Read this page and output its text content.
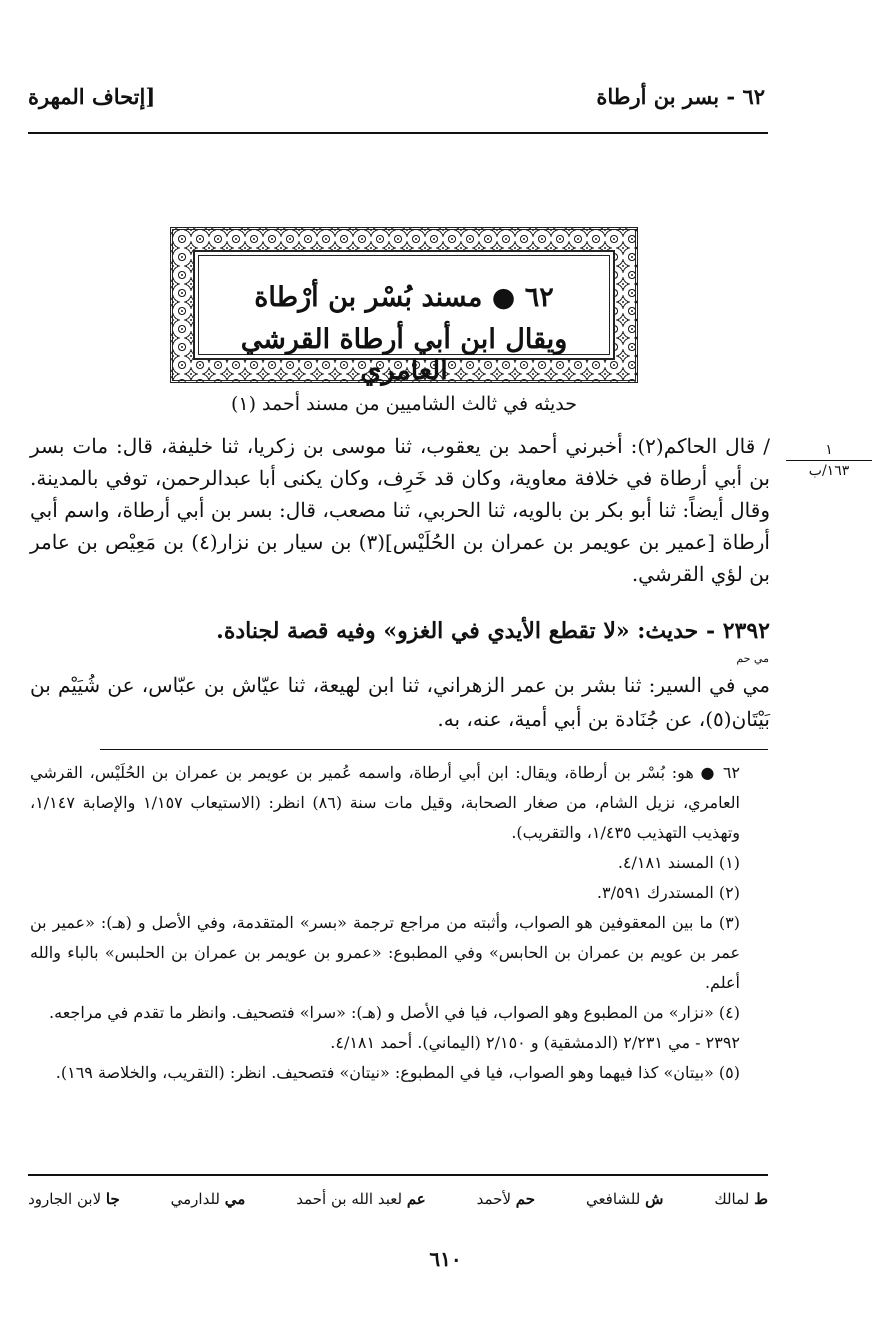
٦٢ - بسر بن أرطاة
[إتحاف المهرة
٦٢ ● مسند بُسْر بن أرْطاة
ويقال ابن أبي أرطاة القرشي العامري
حديثه في ثالث الشاميين من مسند أحمد (١)
١
١٦٣/ب
/ قال الحاكم(٢): أخبرني أحمد بن يعقوب، ثنا موسى بن زكريا، ثنا خليفة، قال: مات بسر بن أبي أرطاة في خلافة معاوية، وكان قد خَرِف، وكان يكنى أبا عبدالرحمن، توفي بالمدينة. وقال أيضاً: ثنا أبو بكر بن بالويه، ثنا الحربي، ثنا مصعب، قال: بسر بن أبي أرطاة، واسم أبي أرطاة [عمير بن عويمر بن عمران بن الحُلَيْس](٣) بن سيار بن نزار(٤) بن مَعِيْص بن عامر بن لؤي القرشي.
٢٣٩٢ - حديث: «لا تقطع الأيدي في الغزو» وفيه قصة لجنادة.
مي حم
مي في السير: ثنا بشر بن عمر الزهراني، ثنا ابن لهيعة، ثنا عيّاش بن عبّاس، عن شُيَيْم بن بَيْتَان(٥)، عن جُنَادة بن أبي أمية، عنه، به.

٦٢ ● هو: بُسْر بن أرطاة، ويقال: ابن أبي أرطاة، واسمه عُمير بن عويمر بن عمران بن الحُلَيْس، القرشي العامري، نزيل الشام، من صغار الصحابة، وقيل مات سنة (٨٦) انظر: (الاستيعاب ١/١٥٧ والإصابة ١/١٤٧، وتهذيب التهذيب ١/٤٣٥، والتقريب).

(١) المسند ٤/١٨١.

(٢) المستدرك ٣/٥٩١.

(٣) ما بين المعقوفين هو الصواب، وأثبته من مراجع ترجمة «بسر» المتقدمة، وفي الأصل و (هـ): «عمير بن عمر بن عويم بن عمران بن الحابس» وفي المطبوع: «عمرو بن عويمر بن عمران بن الحلبس» بالباء والله أعلم.

(٤) «نزار» من المطبوع وهو الصواب، فيا في الأصل و (هـ): «سرا» فتصحيف. وانظر ما تقدم في مراجعه.

٢٣٩٢ - مي ٢/٢٣١ (الدمشقية) و ٢/١٥٠ (اليماني). أحمد ٤/١٨١.

(٥) «بيتان» كذا فيهما وهو الصواب، فيا في المطبوع: «نيتان» فتصحيف. انظر: (التقريب، والخلاصة ١٦٩).

ط لمالك
ش للشافعي
حم لأحمد
عم لعبد الله بن أحمد
مي للدارمي
جا لابن الجارود
٦١٠
